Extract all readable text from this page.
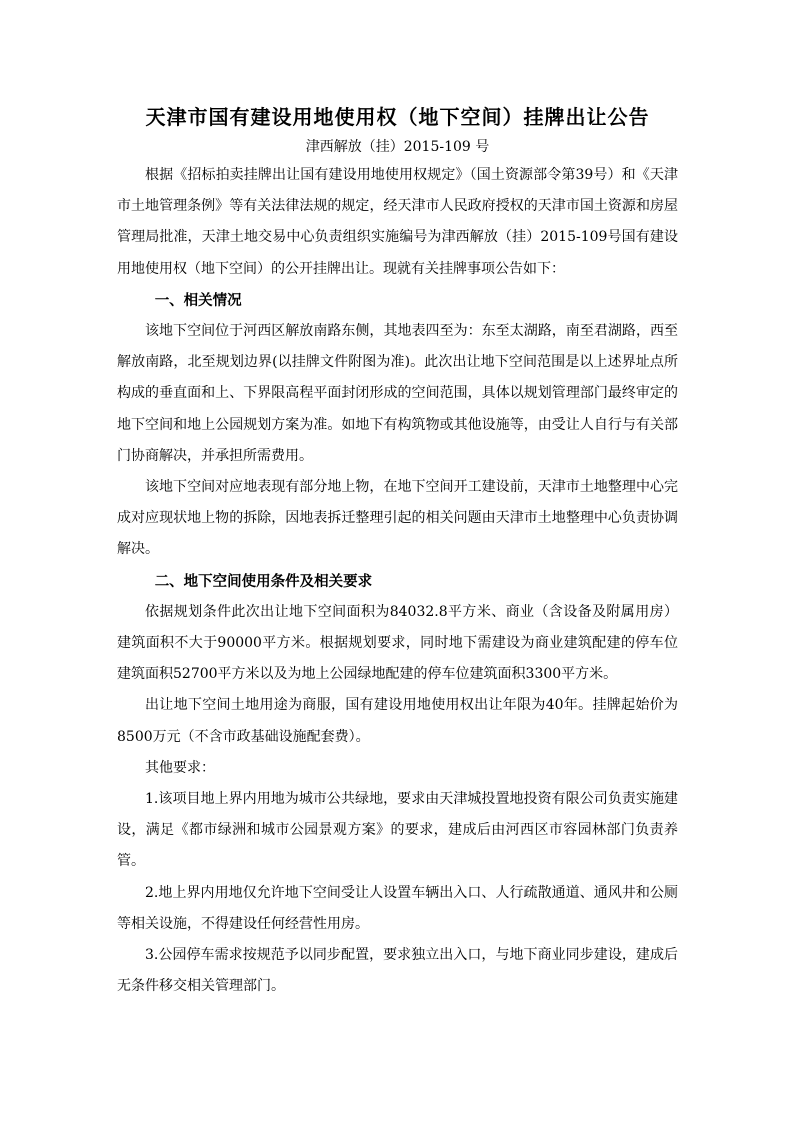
天津市国有建设用地使用权（地下空间）挂牌出让公告
津西解放（挂）2015-109 号

根据《招标拍卖挂牌出让国有建设用地使用权规定》（国土资源部令第39号）和《天津市土地管理条例》等有关法律法规的规定，经天津市人民政府授权的天津市国土资源和房屋管理局批准，天津土地交易中心负责组织实施编号为津西解放（挂）2015-109号国有建设用地使用权（地下空间）的公开挂牌出让。现就有关挂牌事项公告如下：

一、相关情况

该地下空间位于河西区解放南路东侧，其地表四至为：东至太湖路，南至君湖路，西至解放南路，北至规划边界(以挂牌文件附图为准)。此次出让地下空间范围是以上述界址点所构成的垂直面和上、下界限高程平面封闭形成的空间范围，具体以规划管理部门最终审定的地下空间和地上公园规划方案为准。如地下有构筑物或其他设施等，由受让人自行与有关部门协商解决，并承担所需费用。

该地下空间对应地表现有部分地上物，在地下空间开工建设前，天津市土地整理中心完成对应现状地上物的拆除，因地表拆迁整理引起的相关问题由天津市土地整理中心负责协调解决。

二、地下空间使用条件及相关要求

依据规划条件此次出让地下空间面积为84032.8平方米、商业（含设备及附属用房）建筑面积不大于90000平方米。根据规划要求，同时地下需建设为商业建筑配建的停车位建筑面积52700平方米以及为地上公园绿地配建的停车位建筑面积3300平方米。

出让地下空间土地用途为商服，国有建设用地使用权出让年限为40年。挂牌起始价为8500万元（不含市政基础设施配套费）。

其他要求：

1.该项目地上界内用地为城市公共绿地，要求由天津城投置地投资有限公司负责实施建设，满足《都市绿洲和城市公园景观方案》的要求，建成后由河西区市容园林部门负责养管。

2.地上界内用地仅允许地下空间受让人设置车辆出入口、人行疏散通道、通风井和公厕等相关设施，不得建设任何经营性用房。

3.公园停车需求按规范予以同步配置，要求独立出入口，与地下商业同步建设，建成后无条件移交相关管理部门。
